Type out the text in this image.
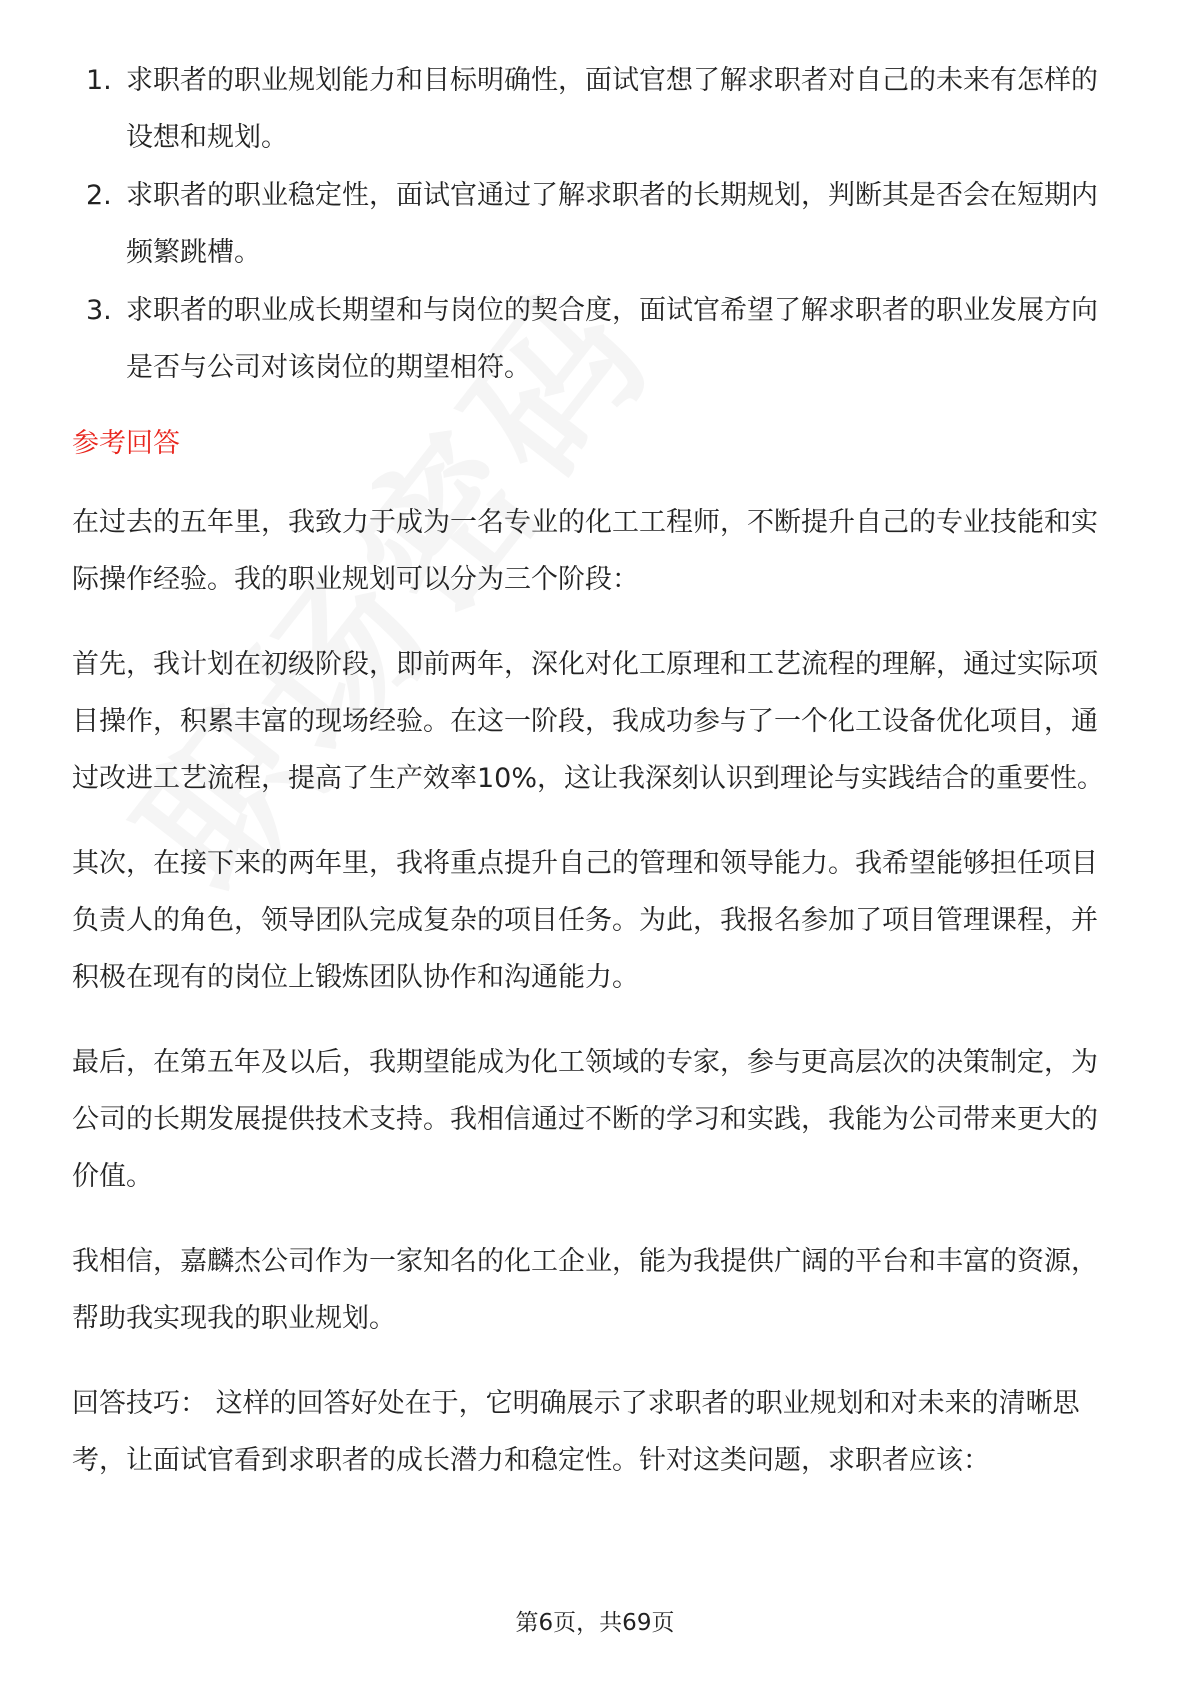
1. 求职者的职业规划能力和目标明确性，面试官想了解求职者对自己的未来有怎样的设想和规划。
2. 求职者的职业稳定性，面试官通过了解求职者的长期规划，判断其是否会在短期内频繁跳槽。
3. 求职者的职业成长期望和与岗位的契合度，面试官希望了解求职者的职业发展方向是否与公司对该岗位的期望相符。
参考回答

在过去的五年里，我致力于成为一名专业的化工工程师，不断提升自己的专业技能和实际操作经验。我的职业规划可以分为三个阶段：

首先，我计划在初级阶段，即前两年，深化对化工原理和工艺流程的理解，通过实际项目操作，积累丰富的现场经验。在这一阶段，我成功参与了一个化工设备优化项目，通过改进工艺流程，提高了生产效率10%，这让我深刻认识到理论与实践结合的重要性。

其次，在接下来的两年里，我将重点提升自己的管理和领导能力。我希望能够担任项目负责人的角色，领导团队完成复杂的项目任务。为此，我报名参加了项目管理课程，并积极在现有的岗位上锻炼团队协作和沟通能力。

最后，在第五年及以后，我期望能成为化工领域的专家，参与更高层次的决策制定，为公司的长期发展提供技术支持。我相信通过不断的学习和实践，我能为公司带来更大的价值。

我相信，嘉麟杰公司作为一家知名的化工企业，能为我提供广阔的平台和丰富的资源，帮助我实现我的职业规划。

回答技巧： 这样的回答好处在于，它明确展示了求职者的职业规划和对未来的清晰思考，让面试官看到求职者的成长潜力和稳定性。针对这类问题，求职者应该：

第6页，共69页
